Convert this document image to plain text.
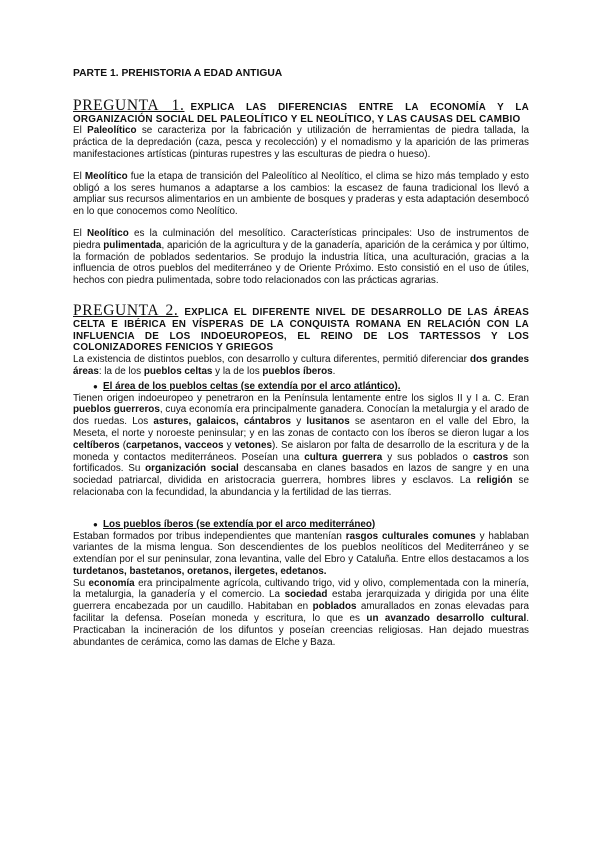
PARTE 1. PREHISTORIA A EDAD ANTIGUA
PREGUNTA 1. EXPLICA LAS DIFERENCIAS ENTRE LA ECONOMÍA Y LA ORGANIZACIÓN SOCIAL DEL PALEOLÍTICO Y EL NEOLÍTICO, Y LAS CAUSAS DEL CAMBIO

El Paleolítico se caracteriza por la fabricación y utilización de herramientas de piedra tallada, la práctica de la depredación (caza, pesca y recolección) y el nomadismo y la aparición de las primeras manifestaciones artísticas (pinturas rupestres y las esculturas de piedra o hueso).

El Meolítico fue la etapa de transición del Paleolítico al Neolítico, el clima se hizo más templado y esto obligó a los seres humanos a adaptarse a los cambios: la escasez de fauna tradicional los llevó a ampliar sus recursos alimentarios en un ambiente de bosques y praderas y esta adaptación desembocó en lo que conocemos como Neolítico.

El Neolítico es la culminación del mesolítico. Características principales: Uso de instrumentos de piedra pulimentada, aparición de la agricultura y de la ganadería, aparición de la cerámica y por último, la formación de poblados sedentarios. Se produjo la industria lítica, una aculturación, gracias a la influencia de otros pueblos del mediterráneo y de Oriente Próximo. Esto consistió en el uso de útiles, hechos con piedra pulimentada, sobre todo relacionados con las prácticas agrarias.

PREGUNTA 2. EXPLICA EL DIFERENTE NIVEL DE DESARROLLO DE LAS ÁREAS CELTA E IBÉRICA EN VÍSPERAS DE LA CONQUISTA ROMANA EN RELACIÓN CON LA INFLUENCIA DE LOS INDOEUROPEOS, EL REINO DE LOS TARTESSOS Y LOS COLONIZADORES FENICIOS Y GRIEGOS

La existencia de distintos pueblos, con desarrollo y cultura diferentes, permitió diferenciar dos grandes áreas: la de los pueblos celtas y la de los pueblos íberos.

● El área de los pueblos celtas (se extendía por el arco atlántico).

Tienen origen indoeuropeo y penetraron en la Península lentamente entre los siglos II y I a. C. Eran pueblos guerreros, cuya economía era principalmente ganadera. Conocían la metalurgia y el arado de dos ruedas. Los astures, galaicos, cántabros y lusitanos se asentaron en el valle del Ebro, la Meseta, el norte y noroeste peninsular; y en las zonas de contacto con los íberos se dieron lugar a los celtíberos (carpetanos, vacceos y vetones). Se aislaron por falta de desarrollo de la escritura y de la moneda y contactos mediterráneos. Poseían una cultura guerrera y sus poblados o castros son fortificados. Su organización social descansaba en clanes basados en lazos de sangre y en una sociedad patriarcal, dividida en aristocracia guerrera, hombres libres y esclavos. La religión se relacionaba con la fecundidad, la abundancia y la fertilidad de las tierras.

● Los pueblos íberos (se extendía por el arco mediterráneo)

Estaban formados por tribus independientes que mantenían rasgos culturales comunes y hablaban variantes de la misma lengua. Son descendientes de los pueblos neolíticos del Mediterráneo y se extendían por el sur peninsular, zona levantina, valle del Ebro y Cataluña. Entre ellos destacamos a los turdetanos, bastetanos, oretanos, ilergetes, edetanos.

Su economía era principalmente agrícola, cultivando trigo, vid y olivo, complementada con la minería, la metalurgia, la ganadería y el comercio. La sociedad estaba jerarquizada y dirigida por una élite guerrera encabezada por un caudillo. Habitaban en poblados amurallados en zonas elevadas para facilitar la defensa. Poseían moneda y escritura, lo que es un avanzado desarrollo cultural. Practicaban la incineración de los difuntos y poseían creencias religiosas. Han dejado muestras abundantes de cerámica, como las damas de Elche y Baza.
